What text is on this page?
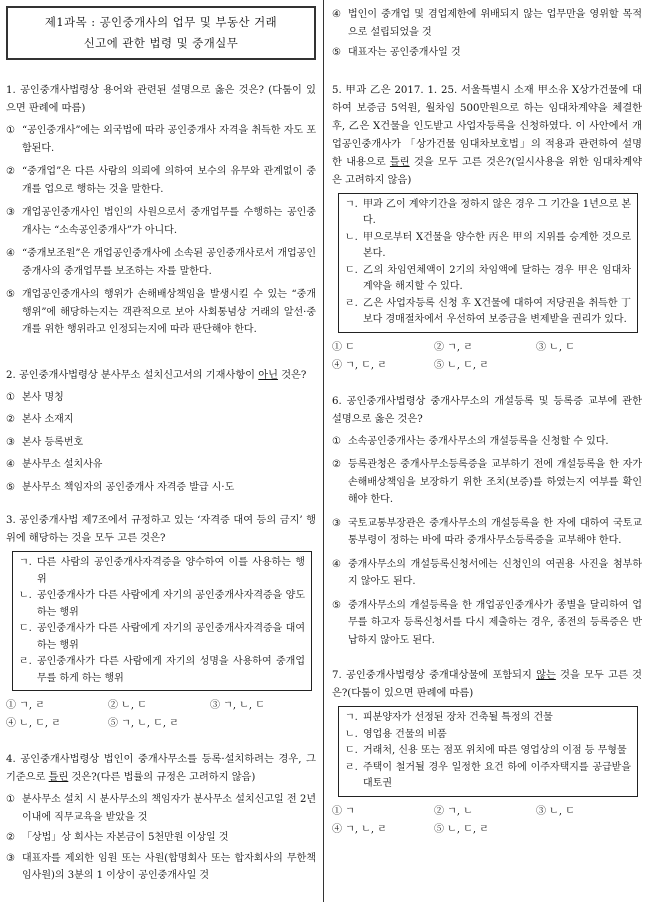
제1과목 : 공인중개사의 업무 및 부동산 거래
신고에 관한 법령 및 중개실무

1. 공인중개사법령상 용어와 관련된 설명으로 옳은 것은? (다툼이 있으면 판례에 따름)

① “공인중개사”에는 외국법에 따라 공인중개사 자격을 취득한 자도 포함된다.
② “중개업”은 다른 사람의 의뢰에 의하여 보수의 유무와 관계없이 중개를 업으로 행하는 것을 말한다.
③ 개업공인중개사인 법인의 사원으로서 중개업무를 수행하는 공인중개사는 “소속공인중개사”가 아니다.
④ “중개보조원”은 개업공인중개사에 소속된 공인중개사로서 개업공인중개사의 중개업무를 보조하는 자를 말한다.
⑤ 개업공인중개사의 행위가 손해배상책임을 발생시킬 수 있는 “중개행위”에 해당하는지는 객관적으로 보아 사회통념상 거래의 알선·중개를 위한 행위라고 인정되는지에 따라 판단해야 한다.

2. 공인중개사법령상 분사무소 설치신고서의 기재사항이 아닌 것은?

① 본사 명칭
② 본사 소재지
③ 본사 등록번호
④ 분사무소 설치사유
⑤ 분사무소 책임자의 공인중개사 자격증 발급 시·도

3. 공인중개사법 제7조에서 규정하고 있는 ‘자격증 대여 등의 금지’ 행위에 해당하는 것을 모두 고른 것은?

ㄱ. 다른 사람의 공인중개사자격증을 양수하여 이를 사용하는 행위
ㄴ. 공인중개사가 다른 사람에게 자기의 공인중개사자격증을 양도하는 행위
ㄷ. 공인중개사가 다른 사람에게 자기의 공인중개사자격증을 대여하는 행위
ㄹ. 공인중개사가 다른 사람에게 자기의 성명을 사용하여 중개업무를 하게 하는 행위
① ㄱ, ㄹ	② ㄴ, ㄷ	③ ㄱ, ㄴ, ㄷ
④ ㄴ, ㄷ, ㄹ	⑤ ㄱ, ㄴ, ㄷ, ㄹ

4. 공인중개사법령상 법인이 중개사무소를 등록·설치하려는 경우, 그 기준으로 틀린 것은?(다른 법률의 규정은 고려하지 않음)

① 분사무소 설치 시 분사무소의 책임자가 분사무소 설치신고일 전 2년 이내에 직무교육을 받았을 것
② 「상법」상 회사는 자본금이 5천만원 이상일 것
③ 대표자를 제외한 임원 또는 사원(합명회사 또는 합자회사의 무한책임사원)의 3분의 1 이상이 공인중개사일 것
④ 법인이 중개업 및 겸업제한에 위배되지 않는 업무만을 영위할 목적으로 설립되었을 것
⑤ 대표자는 공인중개사일 것

5. 甲과 乙은 2017. 1. 25. 서울특별시 소재 甲소유 X상가건물에 대하여 보증금 5억원, 월차임 500만원으로 하는 임대차계약을 체결한 후, 乙은 X건물을 인도받고 사업자등록을 신청하였다. 이 사안에서 개업공인중개사가 「상가건물 임대차보호법」의 적용과 관련하여 설명한 내용으로 틀린 것을 모두 고른 것은?(일시사용을 위한 임대차계약은 고려하지 않음)

ㄱ. 甲과 乙이 계약기간을 정하지 않은 경우 그 기간을 1년으로 본다.
ㄴ. 甲으로부터 X건물을 양수한 丙은 甲의 지위를 승계한 것으로 본다.
ㄷ. 乙의 차임연체액이 2기의 차임액에 달하는 경우 甲은 임대차계약을 해지할 수 있다.
ㄹ. 乙은 사업자등록 신청 후 X건물에 대하여 저당권을 취득한 丁보다 경매절차에서 우선하여 보증금을 변제받을 권리가 있다.
① ㄷ	② ㄱ, ㄹ	③ ㄴ, ㄷ
④ ㄱ, ㄷ, ㄹ	⑤ ㄴ, ㄷ, ㄹ

6. 공인중개사법령상 중개사무소의 개설등록 및 등록증 교부에 관한 설명으로 옳은 것은?

① 소속공인중개사는 중개사무소의 개설등록을 신청할 수 있다.
② 등록관청은 중개사무소등록증을 교부하기 전에 개설등록을 한 자가 손해배상책임을 보장하기 위한 조치(보증)를 하였는지 여부를 확인해야 한다.
③ 국토교통부장관은 중개사무소의 개설등록을 한 자에 대하여 국토교통부령이 정하는 바에 따라 중개사무소등록증을 교부해야 한다.
④ 중개사무소의 개설등록신청서에는 신청인의 여권용 사진을 첨부하지 않아도 된다.
⑤ 중개사무소의 개설등록을 한 개업공인중개사가 종별을 달리하여 업무를 하고자 등록신청서를 다시 제출하는 경우, 종전의 등록증은 반납하지 않아도 된다.

7. 공인중개사법령상 중개대상물에 포함되지 않는 것을 모두 고른 것은?(다툼이 있으면 판례에 따름)

ㄱ. 피분양자가 선정된 장차 건축될 특정의 건물
ㄴ. 영업용 건물의 비품
ㄷ. 거래처, 신용 또는 점포 위치에 따른 영업상의 이점 등 무형물
ㄹ. 주택이 철거될 경우 일정한 요건 하에 이주자택지를 공급받을 대토권
① ㄱ	② ㄱ, ㄴ	③ ㄴ, ㄷ
④ ㄱ, ㄴ, ㄹ	⑤ ㄴ, ㄷ, ㄹ
